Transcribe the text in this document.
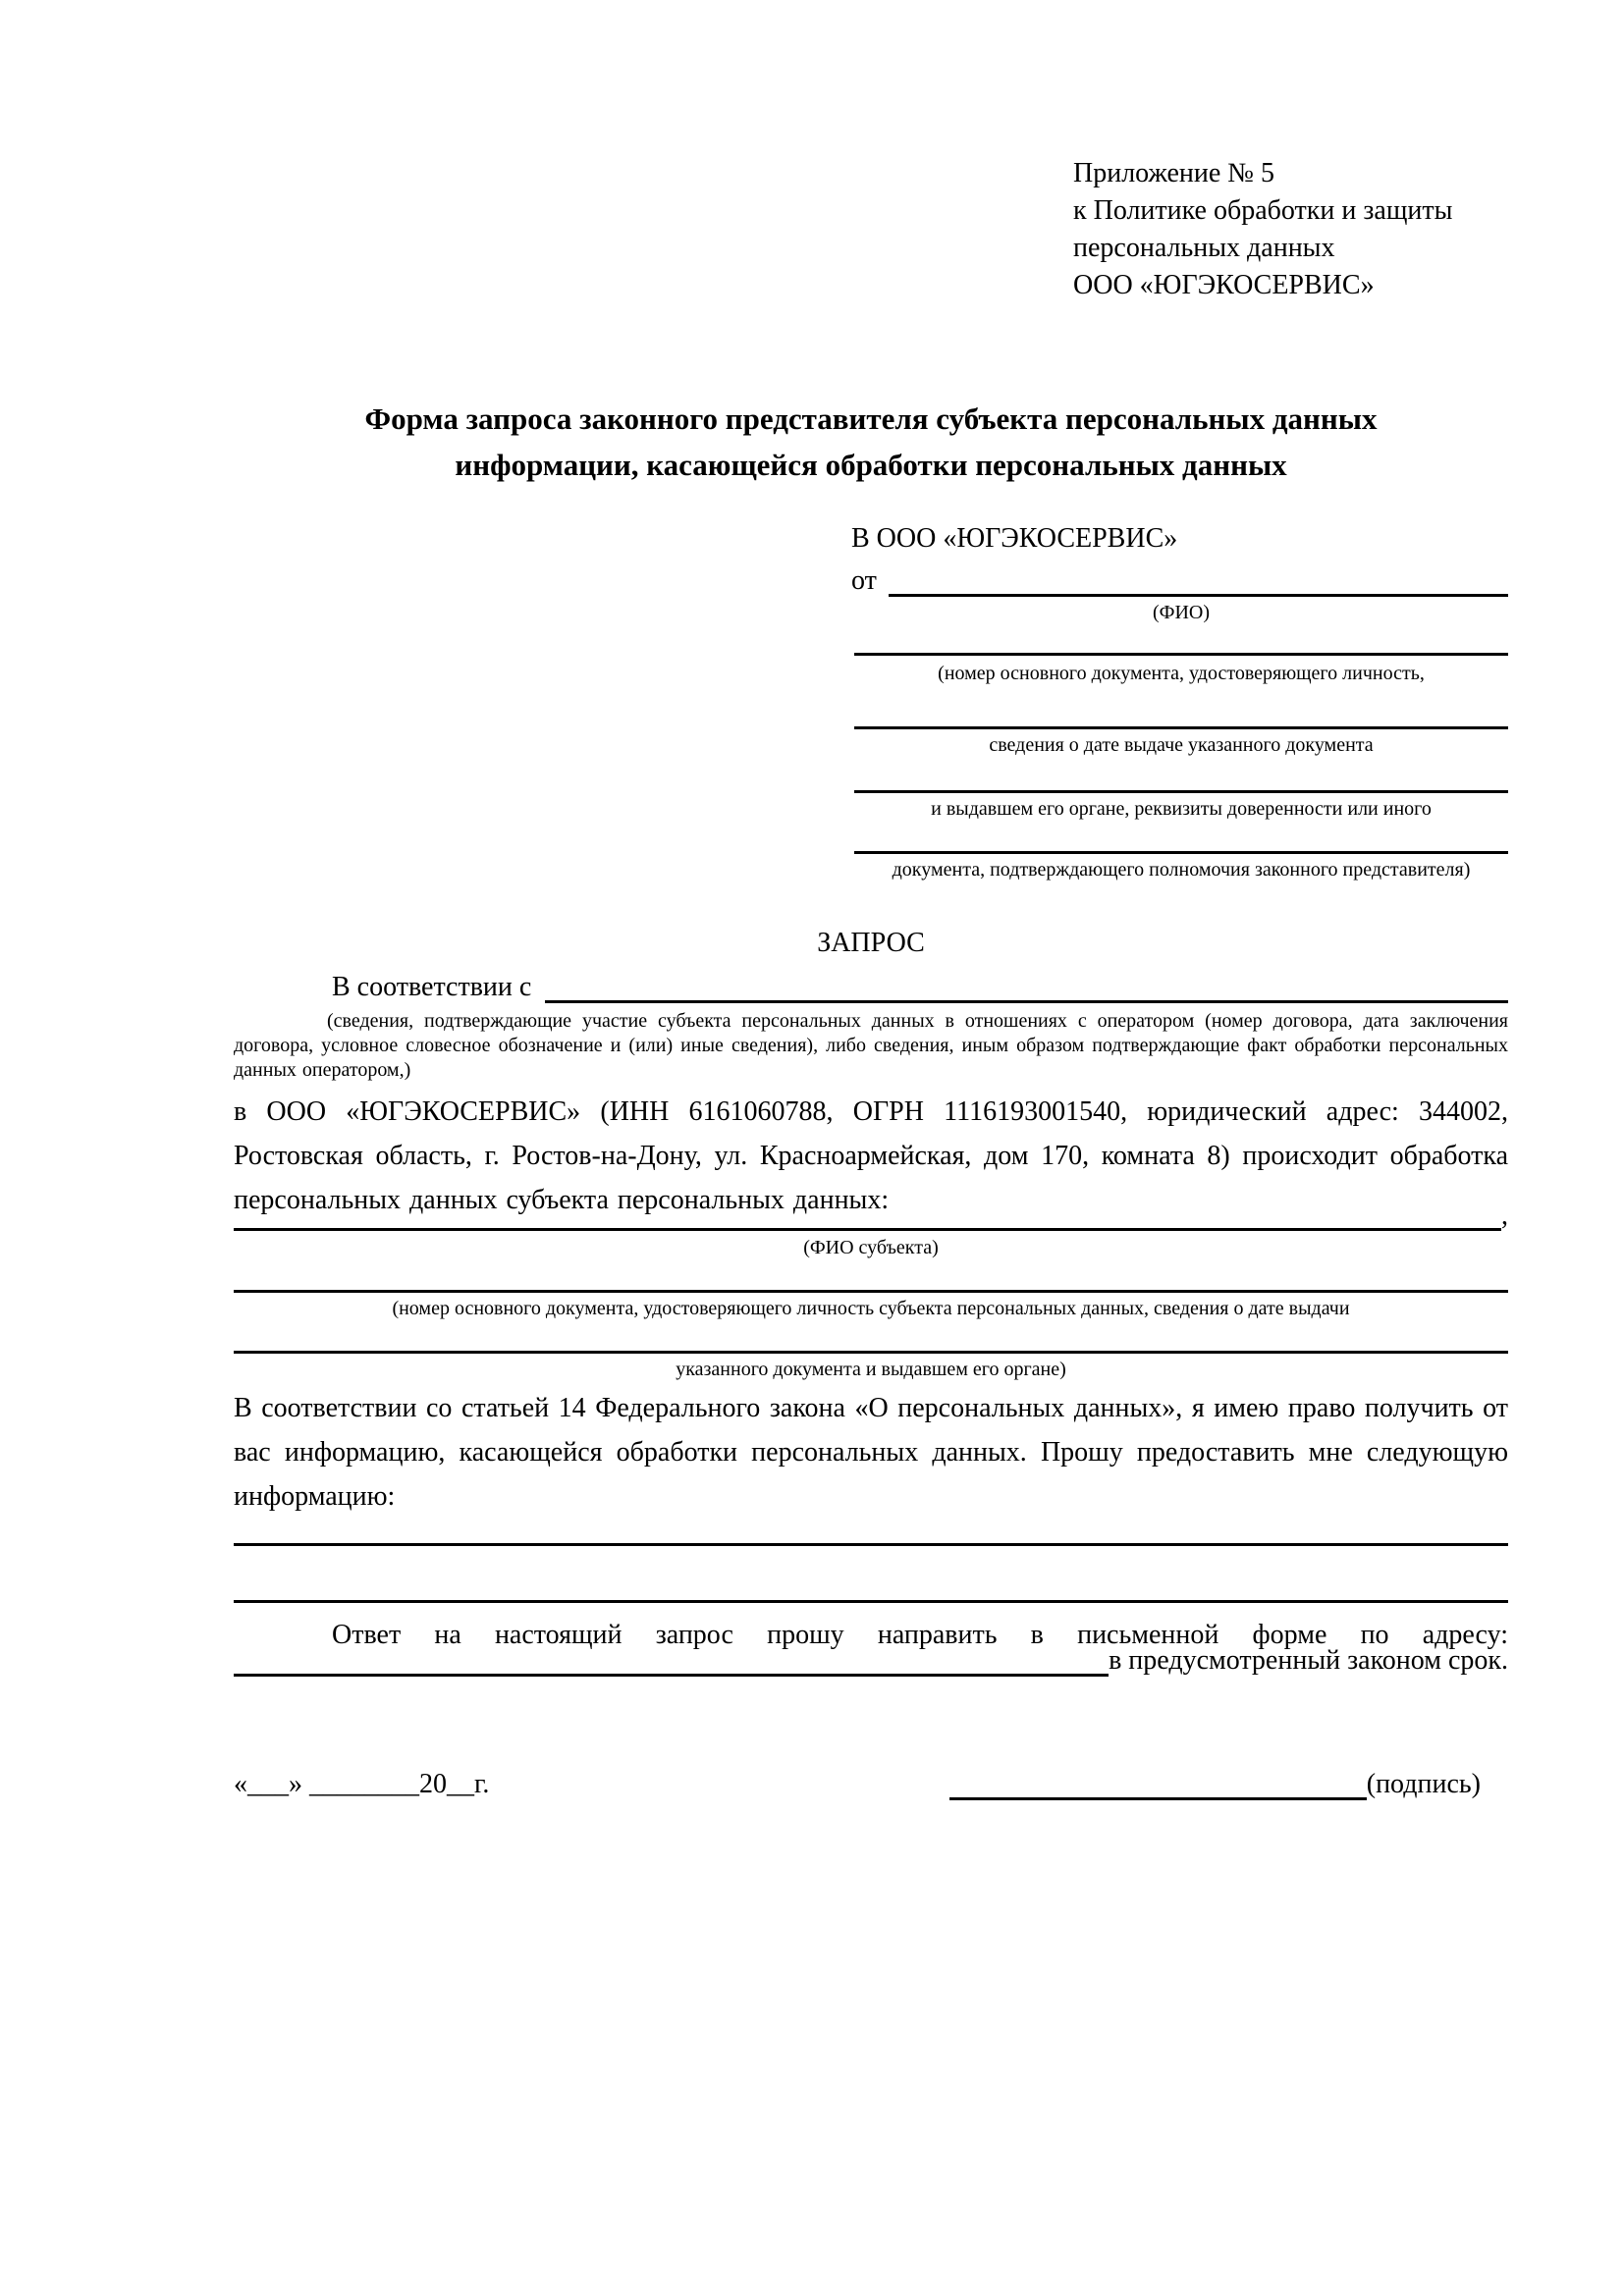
Приложение № 5
к Политике обработки и защиты
персональных данных
ООО «ЮГЭКОСЕРВИС»
Форма запроса законного представителя субъекта персональных данных
информации, касающейся обработки персональных данных
В ООО «ЮГЭКОСЕРВИС»
от
(ФИО)
(номер основного документа, удостоверяющего личность,
сведения о дате выдаче указанного документа
и выдавшем его органе, реквизиты доверенности или иного
документа, подтверждающего полномочия законного представителя)
ЗАПРОС
В соответствии с
(сведения, подтверждающие участие субъекта персональных данных в отношениях с оператором (номер договора, дата заключения договора, условное словесное обозначение и (или) иные сведения), либо сведения, иным образом подтверждающие факт обработки персональных данных оператором,)
в ООО «ЮГЭКОСЕРВИС» (ИНН 6161060788, ОГРН 1116193001540, юридический адрес: 344002, Ростовская область, г. Ростов-на-Дону, ул. Красноармейская, дом 170, комната 8) происходит обработка персональных данных субъекта персональных данных:
,
(ФИО субъекта)
(номер основного документа, удостоверяющего личность субъекта персональных данных, сведения о дате выдачи
указанного документа и выдавшем его органе)
В соответствии со статьей 14 Федерального закона «О персональных данных», я имею право получить от вас информацию, касающейся обработки персональных данных. Прошу предоставить мне следующую информацию:
Ответ на настоящий запрос прошу направить в письменной форме по адресу:
в предусмотренный законом срок.
«___» ________20__г.	(подпись)
